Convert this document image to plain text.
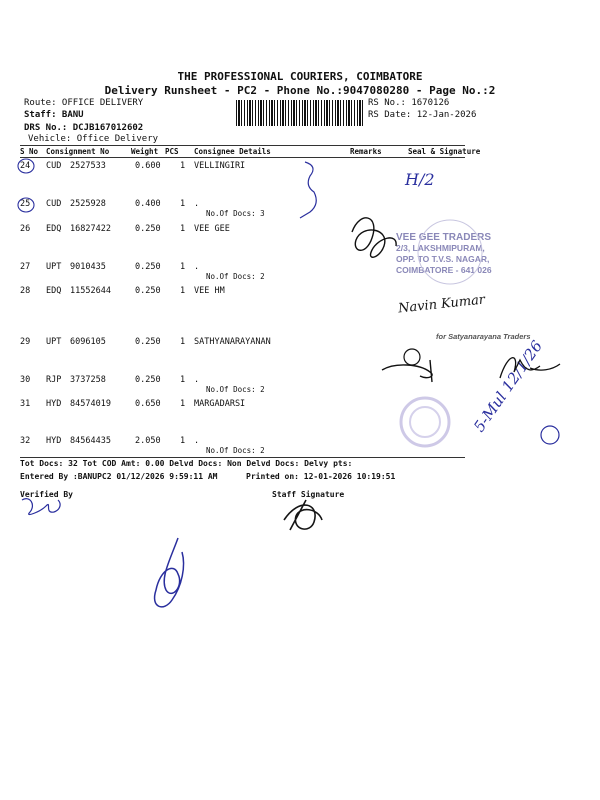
THE PROFESSIONAL COURIERS, COIMBATORE
Delivery Runsheet - PC2 - Phone No.:9047080280 - Page No.:2
Route: OFFICE DELIVERY
Staff: BANU
DRS No.: DCJB167012602
Vehicle: Office Delivery
RS No.: 1670126
RS Date: 12-Jan-2026
S No Consignment No	Weight PCS Consignee Details	Remarks	Seal & Signature
24 CUD 2527533	0.600 1 VELLINGIRI
25 CUD 2525928	0.400 1 .
No.Of Docs: 3
26 EDQ 16827422	0.250 1 VEE GEE
27 UPT 9010435	0.250 1 .
No.Of Docs: 2
28 EDQ 11552644	0.250 1 VEE HM
29 UPT 6096105	0.250 1 SATHYANARAYANAN
30 RJP 3737258	0.250 1 .
No.Of Docs: 2
31 HYD 84574019	0.650 1 MARGADARSI
32 HYD 84564435	2.050 1 .
No.Of Docs: 2
Tot Docs: 32 Tot COD Amt: 0.00 Delvd Docs: Non Delvd Docs: Delvy pts:
Entered By :BANUPC2 01/12/2026 9:59:11 AM	Printed on: 12-01-2026 10:19:51
Verified By	Staff Signature
VEE GEE TRADERS
2/3, LAKSHMIPURAM,
OPP. TO T.V.S. NAGAR,
COIMBATORE - 641 026
for Satyanarayana Traders
H/2
Navin Kumar
5-Mul 12/1/26
